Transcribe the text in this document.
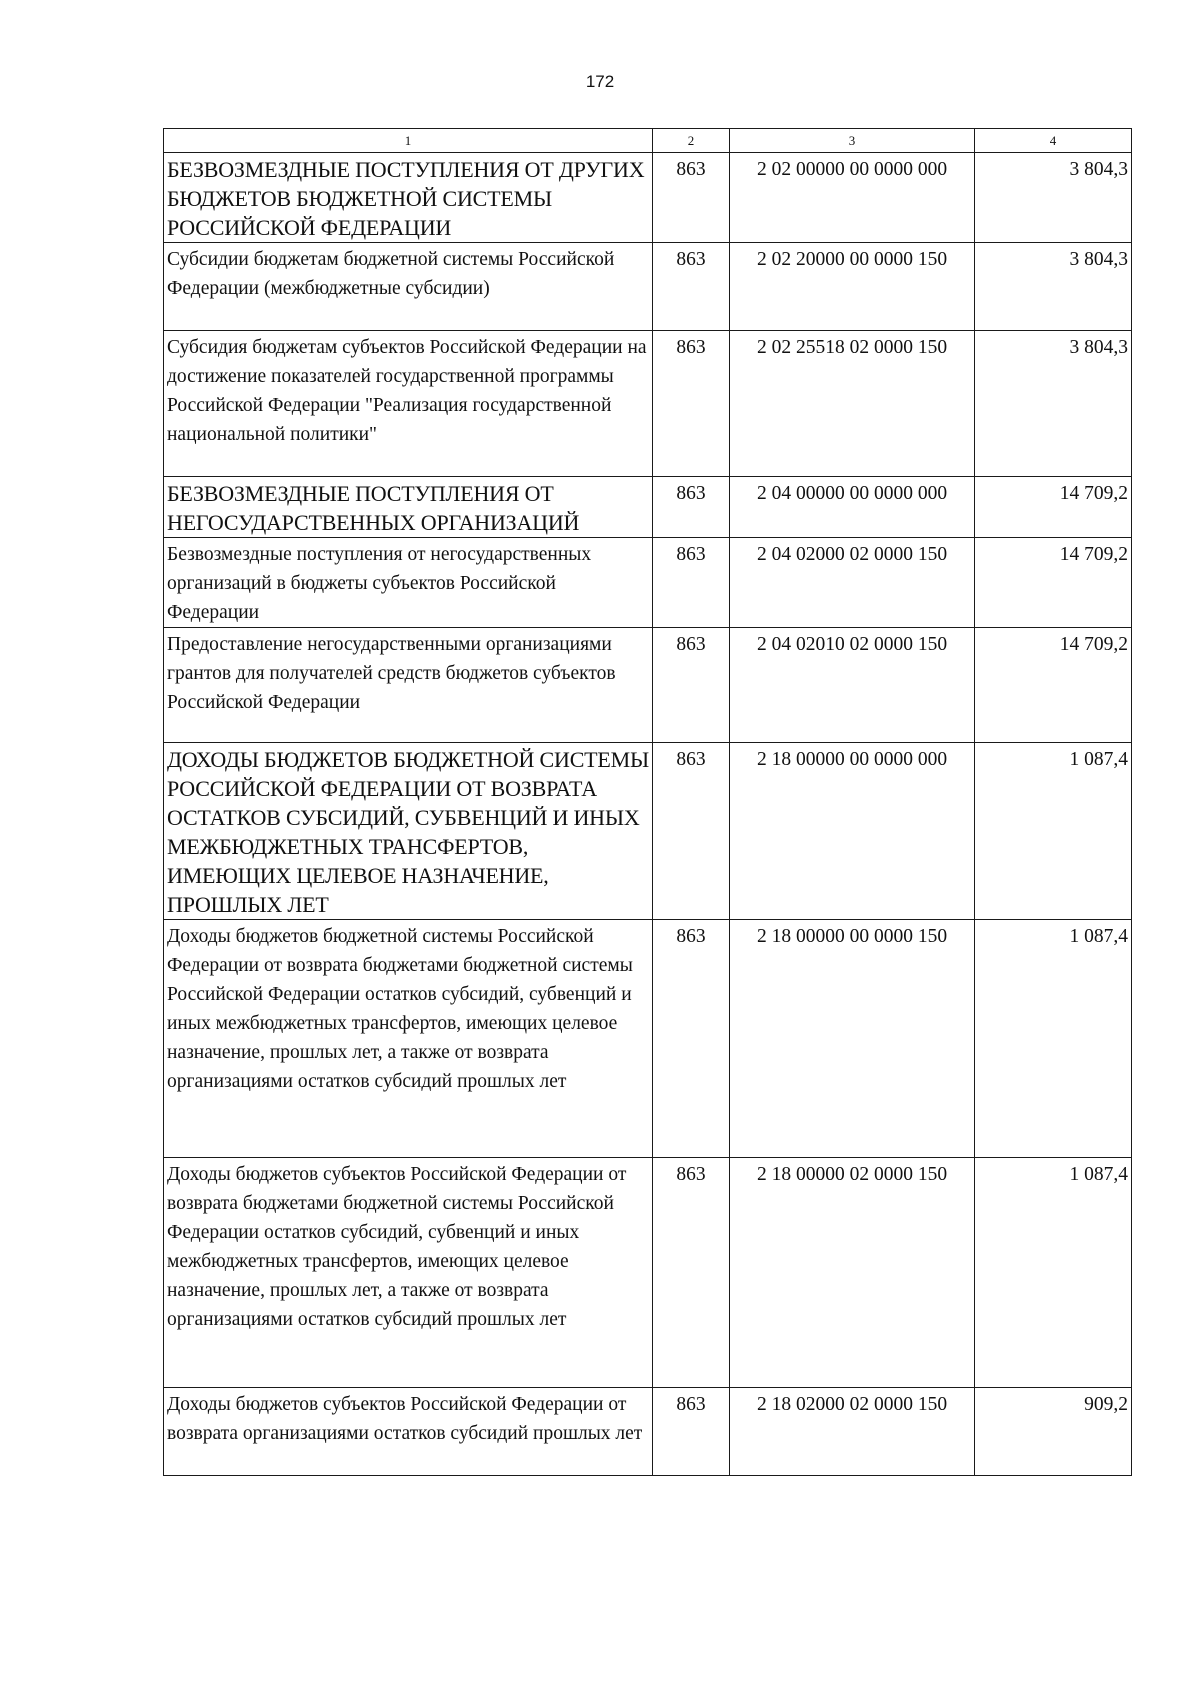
172
1	2	3	4
БЕЗВОЗМЕЗДНЫЕ ПОСТУПЛЕНИЯ ОТ ДРУГИХ БЮДЖЕТОВ БЮДЖЕТНОЙ СИСТЕМЫ РОССИЙСКОЙ ФЕДЕРАЦИИ	863	2 02 00000 00 0000 000	3 804,3
Субсидии бюджетам бюджетной системы Российской Федерации (межбюджетные субсидии)	863	2 02 20000 00 0000 150	3 804,3
Субсидия бюджетам субъектов Российской Федерации на достижение показателей государственной программы Российской Федерации "Реализация государственной национальной политики"	863	2 02 25518 02 0000 150	3 804,3
БЕЗВОЗМЕЗДНЫЕ ПОСТУПЛЕНИЯ ОТ НЕГОСУДАРСТВЕННЫХ ОРГАНИЗАЦИЙ	863	2 04 00000 00 0000 000	14 709,2
Безвозмездные поступления от негосударственных организаций в бюджеты субъектов Российской Федерации	863	2 04 02000 02 0000 150	14 709,2
Предоставление негосударственными организациями грантов для получателей средств бюджетов субъектов Российской Федерации	863	2 04 02010 02 0000 150	14 709,2
ДОХОДЫ БЮДЖЕТОВ БЮДЖЕТНОЙ СИСТЕМЫ РОССИЙСКОЙ ФЕДЕРАЦИИ ОТ ВОЗВРАТА ОСТАТКОВ СУБСИДИЙ, СУБВЕНЦИЙ И ИНЫХ МЕЖБЮДЖЕТНЫХ ТРАНСФЕРТОВ, ИМЕЮЩИХ ЦЕЛЕВОЕ НАЗНАЧЕНИЕ, ПРОШЛЫХ ЛЕТ	863	2 18 00000 00 0000 000	1 087,4
Доходы бюджетов бюджетной системы Российской Федерации от возврата бюджетами бюджетной системы Российской Федерации остатков субсидий, субвенций и иных межбюджетных трансфертов, имеющих целевое назначение, прошлых лет, а также от возврата организациями остатков субсидий прошлых лет	863	2 18 00000 00 0000 150	1 087,4
Доходы бюджетов субъектов Российской Федерации от возврата бюджетами бюджетной системы Российской Федерации остатков субсидий, субвенций и иных межбюджетных трансфертов, имеющих целевое назначение, прошлых лет, а также от возврата организациями остатков субсидий прошлых лет	863	2 18 00000 02 0000 150	1 087,4
Доходы бюджетов субъектов Российской Федерации от возврата организациями остатков субсидий прошлых лет	863	2 18 02000 02 0000 150	909,2
